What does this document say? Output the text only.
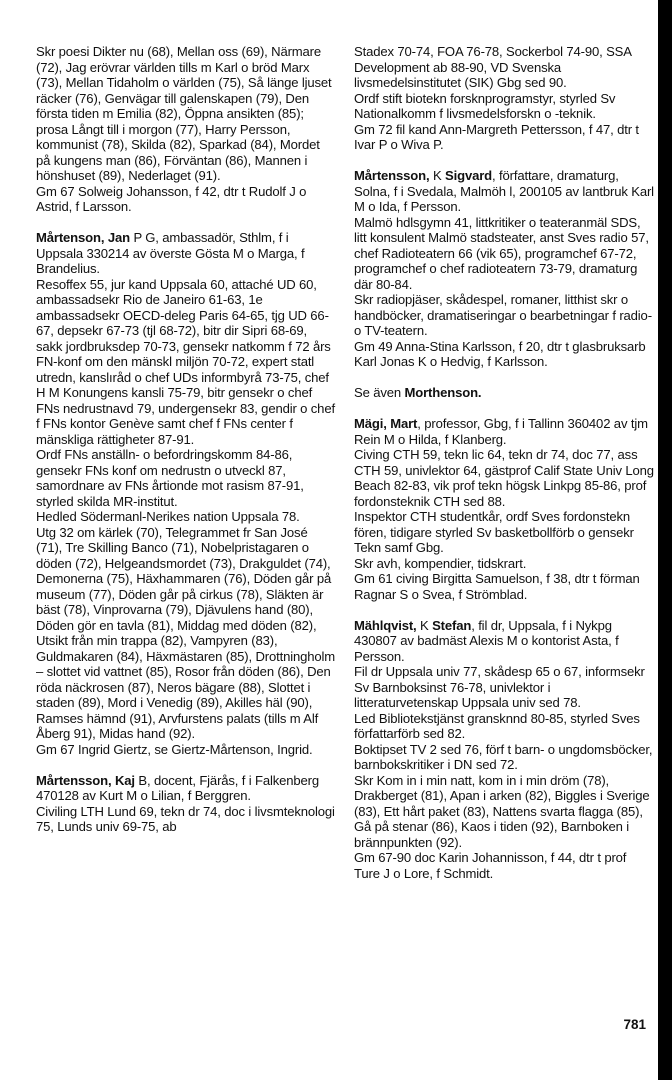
Skr poesi Dikter nu (68), Mellan oss (69), Närmare (72), Jag erövrar världen tills m Karl o bröd Marx (73), Mellan Tidaholm o världen (75), Så länge ljuset räcker (76), Genvägar till galenskapen (79), Den första tiden m Emilia (82), Öppna ansikten (85); prosa Långt till i morgon (77), Harry Persson, kommunist (78), Skilda (82), Sparkad (84), Mordet på kungens man (86), Förväntan (86), Mannen i hönshuset (89), Nederlaget (91).

Gm 67 Solweig Johansson, f 42, dtr t Rudolf J o Astrid, f Larsson.

Mårtenson, Jan P G, ambassadör, Sthlm, f i Uppsala 330214 av överste Gösta M o Marga, f Brandelius.

Resoffex 55, jur kand Uppsala 60, attaché UD 60, ambassadsekr Rio de Janeiro 61-63, 1e ambassadsekr OECD-deleg Paris 64-65, tjg UD 66-67, depsekr 67-73 (tjl 68-72), bitr dir Sipri 68-69, sakk jordbruksdep 70-73, gensekr natkomm f 72 års FN-konf om den mänskl miljön 70-72, expert statl utredn, kanslıråd o chef UDs informbyrå 73-75, chef H M Konungens kansli 75-79, bitr gensekr o chef FNs nedrustnavd 79, undergensekr 83, gendir o chef f FNs kontor Genève samt chef f FNs center f mänskliga rättigheter 87-91.

Ordf FNs anställn- o befordringskomm 84-86, gensekr FNs konf om nedrustn o utveckl 87, samordnare av FNs årtionde mot rasism 87-91, styrled skilda MR-institut.

Hedled Södermanl-Nerikes nation Uppsala 78.

Utg 32 om kärlek (70), Telegrammet fr San José (71), Tre Skilling Banco (71), Nobelpristagaren o döden (72), Helgeandsmordet (73), Drakguldet (74), Demonerna (75), Häxhammaren (76), Döden går på museum (77), Döden går på cirkus (78), Släkten är bäst (78), Vinprovarna (79), Djävulens hand (80), Döden gör en tavla (81), Middag med döden (82), Utsikt från min trappa (82), Vampyren (83), Guldmakaren (84), Häxmästaren (85), Drottningholm – slottet vid vattnet (85), Rosor från döden (86), Den röda näckrosen (87), Neros bägare (88), Slottet i staden (89), Mord i Venedig (89), Akilles häl (90), Ramses hämnd (91), Arvfurstens palats (tills m Alf Åberg 91), Midas hand (92).

Gm 67 Ingrid Giertz, se Giertz-Mårtenson, Ingrid.

Mårtensson, Kaj B, docent, Fjärås, f i Falkenberg 470128 av Kurt M o Lilian, f Berggren.

Civiling LTH Lund 69, tekn dr 74, doc i livsmteknologi 75, Lunds univ 69-75, ab

Stadex 70-74, FOA 76-78, Sockerbol 74-90, SSA Development ab 88-90, VD Svenska livsmedelsinstitutet (SIK) Gbg sed 90.

Ordf stift biotekn forsknprogramstyr, styrled Sv Nationalkomm f livsmedelsforskn o -teknik.

Gm 72 fil kand Ann-Margreth Pettersson, f 47, dtr t Ivar P o Wiva P.

Mårtensson, K Sigvard, författare, dramaturg, Solna, f i Svedala, Malmöh l, 200105 av lantbruk Karl M o Ida, f Persson.

Malmö hdlsgymn 41, littkritiker o teateranmäl SDS, litt konsulent Malmö stadsteater, anst Sves radio 57, chef Radioteatern 66 (vik 65), programchef 67-72, programchef o chef radioteatern 73-79, dramaturg där 80-84.

Skr radiopjäser, skådespel, romaner, litthist skr o handböcker, dramatiseringar o bearbetningar f radio- o TV-teatern.

Gm 49 Anna-Stina Karlsson, f 20, dtr t glasbruksarb Karl Jonas K o Hedvig, f Karlsson.

Se även Morthenson.

Mägi, Mart, professor, Gbg, f i Tallinn 360402 av tjm Rein M o Hilda, f Klanberg.

Civing CTH 59, tekn lic 64, tekn dr 74, doc 77, ass CTH 59, univlektor 64, gästprof Calif State Univ Long Beach 82-83, vik prof tekn högsk Linkpg 85-86, prof fordonsteknik CTH sed 88.

Inspektor CTH studentkår, ordf Sves fordonstekn fören, tidigare styrled Sv basketbollförb o gensekr Tekn samf Gbg.

Skr avh, kompendier, tidskrart.

Gm 61 civing Birgitta Samuelson, f 38, dtr t förman Ragnar S o Svea, f Strömblad.

Mählqvist, K Stefan, fil dr, Uppsala, f i Nykpg 430807 av badmäst Alexis M o kontorist Asta, f Persson.

Fil dr Uppsala univ 77, skådesp 65 o 67, informsekr Sv Barnboksinst 76-78, univlektor i litteraturvetenskap Uppsala univ sed 78.

Led Bibliotekstjänst gransknnd 80-85, styrled Sves författarförb sed 82.

Boktipset TV 2 sed 76, förf t barn- o ungdomsböcker, barnbokskritiker i DN sed 72.

Skr Kom in i min natt, kom in i min dröm (78), Drakberget (81), Apan i arken (82), Biggles i Sverige (83), Ett hårt paket (83), Nattens svarta flagga (85), Gå på stenar (86), Kaos i tiden (92), Barnboken i brännpunkten (92).

Gm 67-90 doc Karin Johannisson, f 44, dtr t prof Ture J o Lore, f Schmidt.

781
